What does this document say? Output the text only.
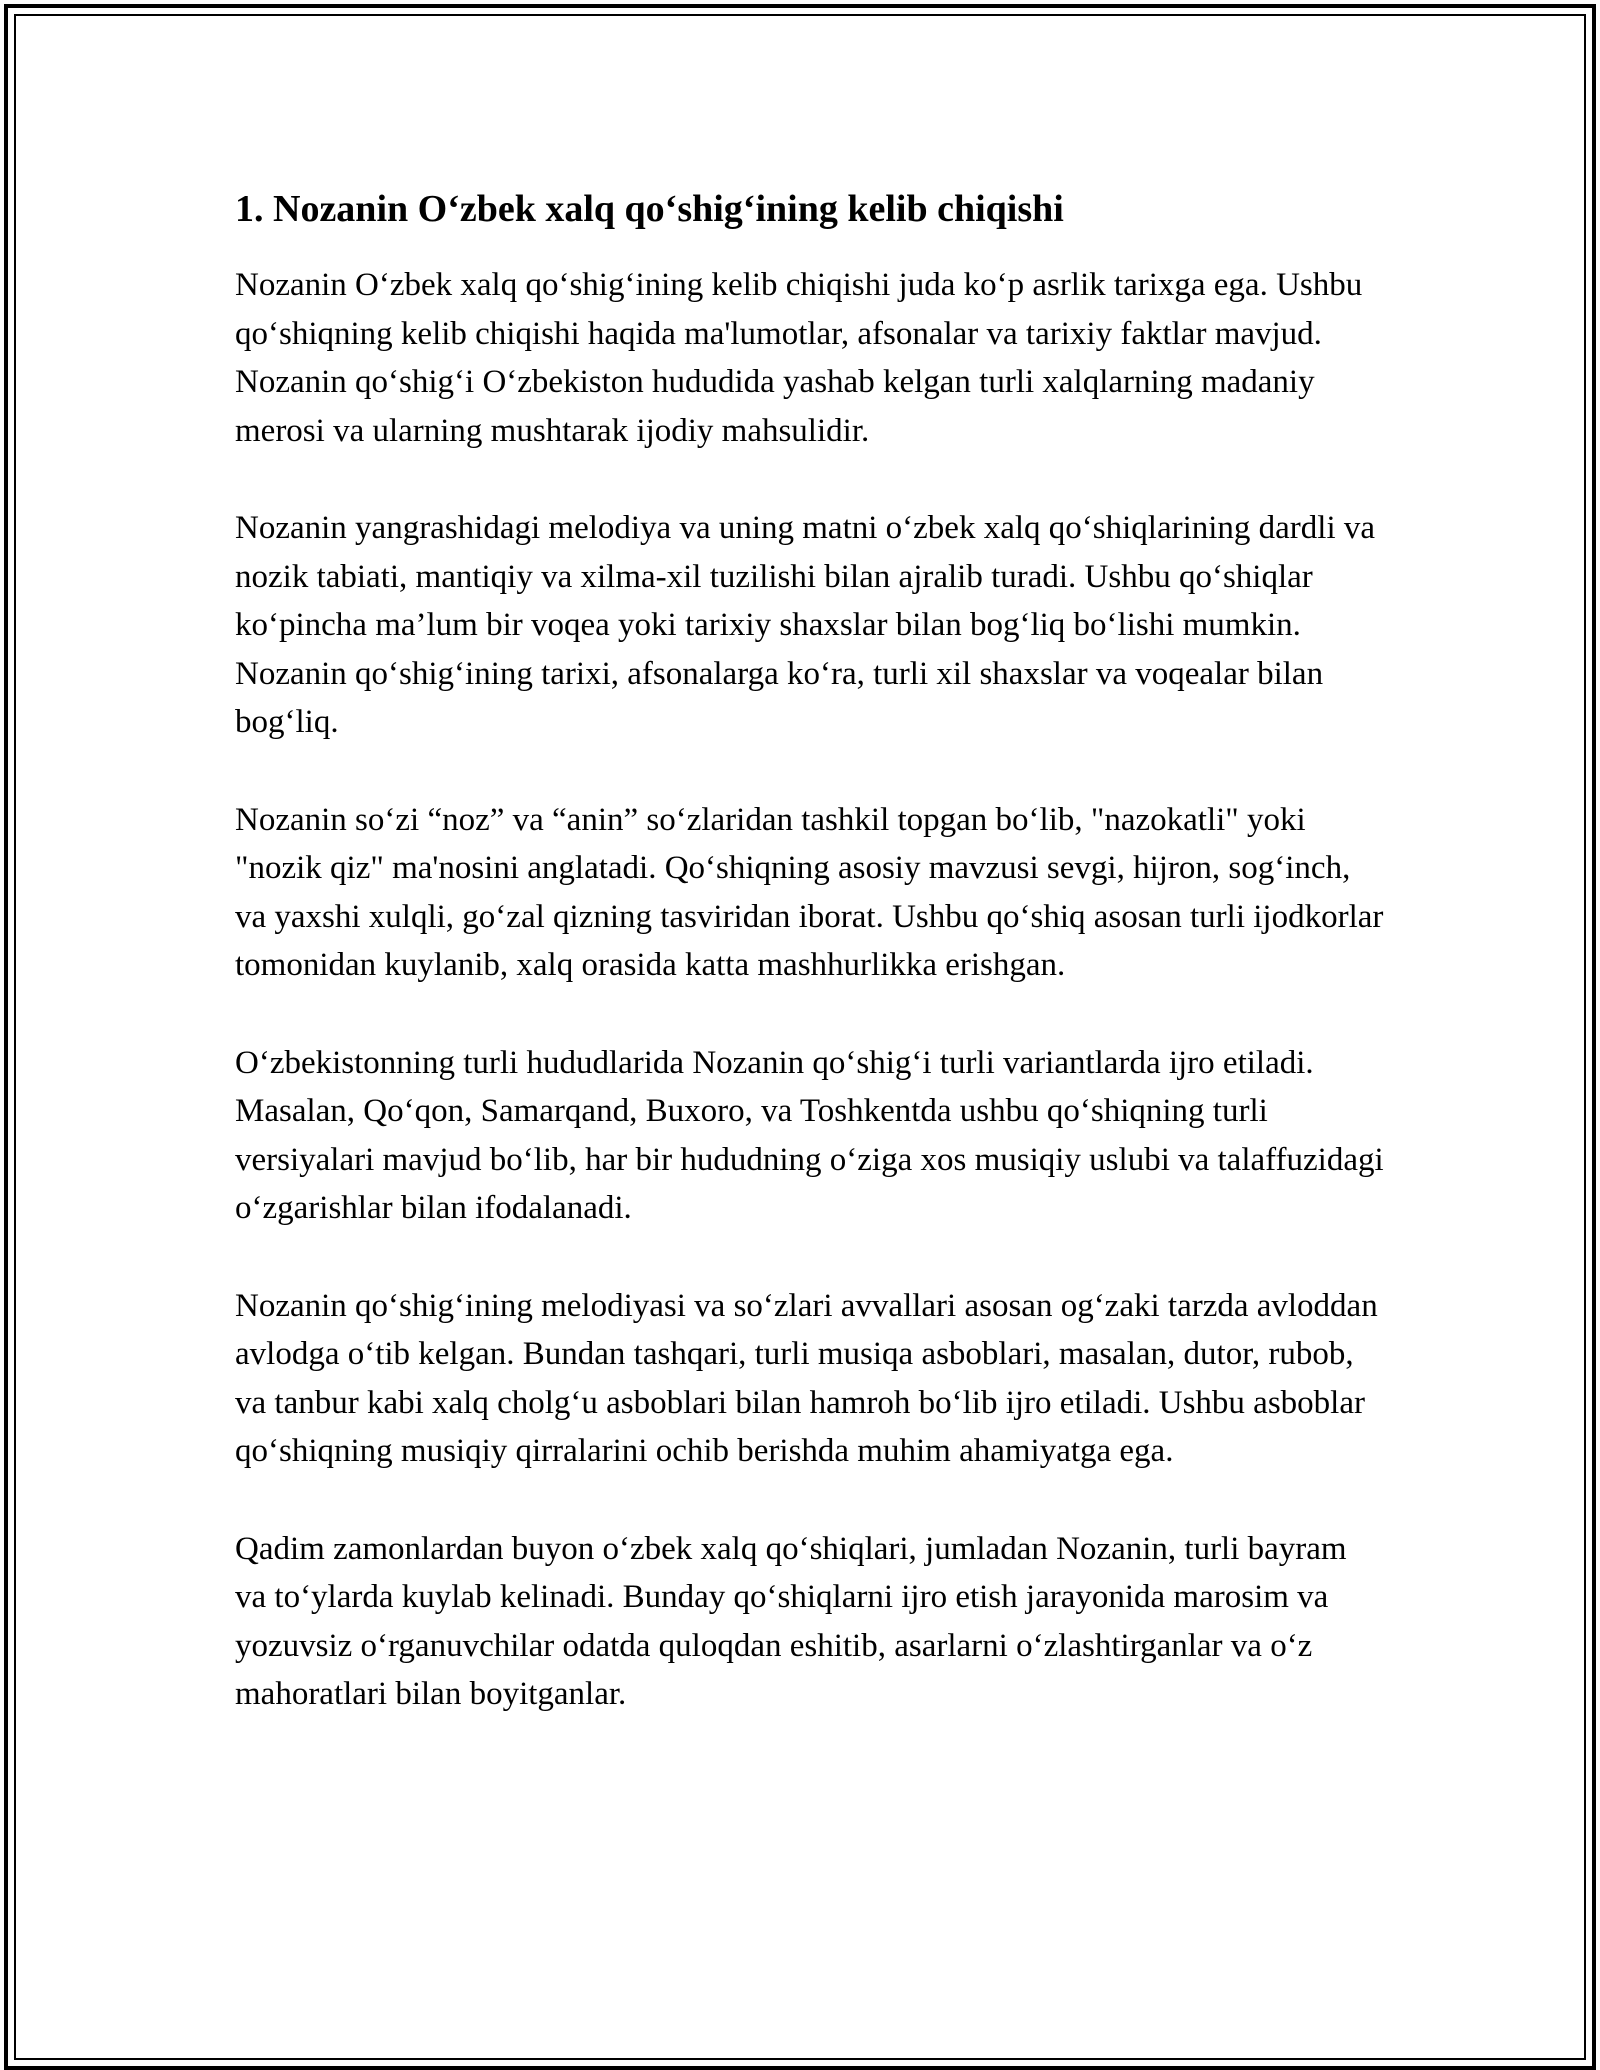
1. Nozanin O‘zbek xalq qo‘shig‘ining kelib chiqishi

Nozanin O‘zbek xalq qo‘shig‘ining kelib chiqishi juda ko‘p asrlik tarixga ega. Ushbu qo‘shiqning kelib chiqishi haqida ma'lumotlar, afsonalar va tarixiy faktlar mavjud. Nozanin qo‘shig‘i O‘zbekiston hududida yashab kelgan turli xalqlarning madaniy merosi va ularning mushtarak ijodiy mahsulidir.

Nozanin yangrashidagi melodiya va uning matni o‘zbek xalq qo‘shiqlarining dardli va nozik tabiati, mantiqiy va xilma-xil tuzilishi bilan ajralib turadi. Ushbu qo‘shiqlar ko‘pincha ma’lum bir voqea yoki tarixiy shaxslar bilan bog‘liq bo‘lishi mumkin. Nozanin qo‘shig‘ining tarixi, afsonalarga ko‘ra, turli xil shaxslar va voqealar bilan bog‘liq.

Nozanin so‘zi “noz” va “anin” so‘zlaridan tashkil topgan bo‘lib, "nazokatli" yoki "nozik qiz" ma'nosini anglatadi. Qo‘shiqning asosiy mavzusi sevgi, hijron, sog‘inch, va yaxshi xulqli, go‘zal qizning tasviridan iborat. Ushbu qo‘shiq asosan turli ijodkorlar tomonidan kuylanib, xalq orasida katta mashhurlikka erishgan.

O‘zbekistonning turli hududlarida Nozanin qo‘shig‘i turli variantlarda ijro etiladi. Masalan, Qo‘qon, Samarqand, Buxoro, va Toshkentda ushbu qo‘shiqning turli versiyalari mavjud bo‘lib, har bir hududning o‘ziga xos musiqiy uslubi va talaffuzidagi o‘zgarishlar bilan ifodalanadi.

Nozanin qo‘shig‘ining melodiyasi va so‘zlari avvallari asosan og‘zaki tarzda avloddan avlodga o‘tib kelgan. Bundan tashqari, turli musiqa asboblari, masalan, dutor, rubob, va tanbur kabi xalq cholg‘u asboblari bilan hamroh bo‘lib ijro etiladi. Ushbu asboblar qo‘shiqning musiqiy qirralarini ochib berishda muhim ahamiyatga ega.

Qadim zamonlardan buyon o‘zbek xalq qo‘shiqlari, jumladan Nozanin, turli bayram va to‘ylarda kuylab kelinadi. Bunday qo‘shiqlarni ijro etish jarayonida marosim va yozuvsiz o‘rganuvchilar odatda quloqdan eshitib, asarlarni o‘zlashtirganlar va o‘z mahoratlari bilan boyitganlar.
